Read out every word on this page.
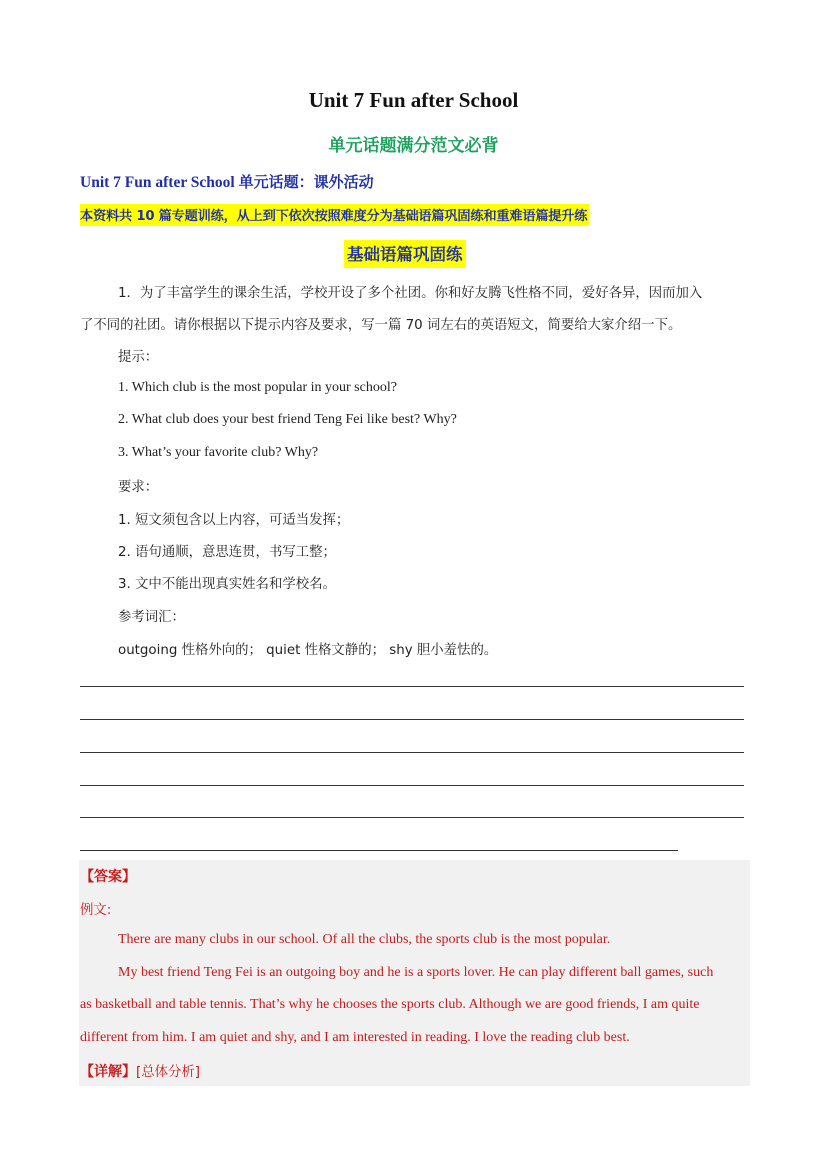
Unit 7 Fun after School
单元话题满分范文必背
Unit 7 Fun after School 单元话题：课外活动
本资料共 10 篇专题训练，从上到下依次按照难度分为基础语篇巩固练和重难语篇提升练
基础语篇巩固练
1．为了丰富学生的课余生活，学校开设了多个社团。你和好友腾飞性格不同，爱好各异，因而加入
了不同的社团。请你根据以下提示内容及要求，写一篇 70 词左右的英语短文，简要给大家介绍一下。
提示：
1. Which club is the most popular in your school?
2. What club does your best friend Teng Fei like best? Why?
3. What’s your favorite club? Why?
要求：
1. 短文须包含以上内容，可适当发挥；
2. 语句通顺，意思连贯，书写工整；
3. 文中不能出现真实姓名和学校名。
参考词汇：
outgoing 性格外向的； quiet 性格文静的； shy 胆小羞怯的。
【答案】
例文:
There are many clubs in our school. Of all the clubs, the sports club is the most popular.
My best friend Teng Fei is an outgoing boy and he is a sports lover. He can play different ball games, such
as basketball and table tennis. That’s why he chooses the sports club. Although we are good friends, I am quite
different from him. I am quiet and shy, and I am interested in reading. I love the reading club best.
【详解】[总体分析]
